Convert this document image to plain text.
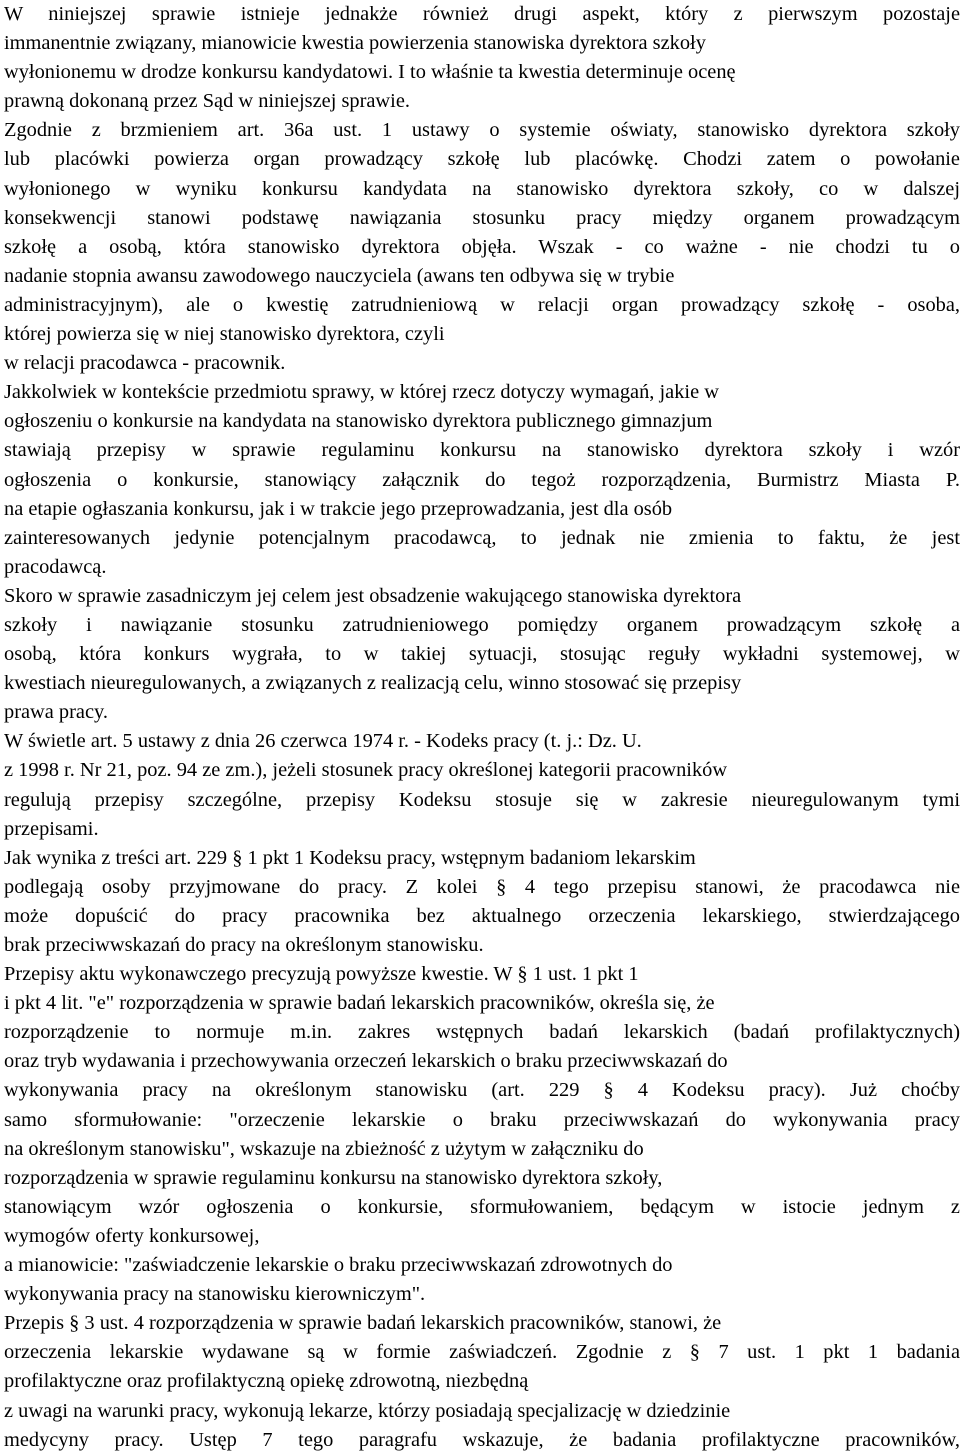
W niniejszej sprawie istnieje jednakże również drugi aspekt, który z pierwszym pozostaje
immanentnie związany, mianowicie kwestia powierzenia stanowiska dyrektora szkoły
wyłonionemu w drodze konkursu kandydatowi. I to właśnie ta kwestia determinuje ocenę
prawną dokonaną przez Sąd w niniejszej sprawie.
Zgodnie z brzmieniem art. 36a ust. 1 ustawy o systemie oświaty, stanowisko dyrektora szkoły
lub placówki powierza organ prowadzący szkołę lub placówkę. Chodzi zatem o powołanie
wyłonionego w wyniku konkursu kandydata na stanowisko dyrektora szkoły, co w dalszej
konsekwencji stanowi podstawę nawiązania stosunku pracy między organem prowadzącym
szkołę a osobą, która stanowisko dyrektora objęła. Wszak - co ważne - nie chodzi tu o
nadanie stopnia awansu zawodowego nauczyciela (awans ten odbywa się w trybie
administracyjnym), ale o kwestię zatrudnieniową w relacji organ prowadzący szkołę - osoba,
której powierza się w niej stanowisko dyrektora, czyli
w relacji pracodawca - pracownik.
Jakkolwiek w kontekście przedmiotu sprawy, w której rzecz dotyczy wymagań, jakie w
ogłoszeniu o konkursie na kandydata na stanowisko dyrektora publicznego gimnazjum
stawiają przepisy w sprawie regulaminu konkursu na stanowisko dyrektora szkoły i wzór
ogłoszenia o konkursie, stanowiący załącznik do tegoż rozporządzenia, Burmistrz Miasta P.
na etapie ogłaszania konkursu, jak i w trakcie jego przeprowadzania, jest dla osób
zainteresowanych jedynie potencjalnym pracodawcą, to jednak nie zmienia to faktu, że jest
pracodawcą.
Skoro w sprawie zasadniczym jej celem jest obsadzenie wakującego stanowiska dyrektora
szkoły i nawiązanie stosunku zatrudnieniowego pomiędzy organem prowadzącym szkołę a
osobą, która konkurs wygrała, to w takiej sytuacji, stosując reguły wykładni systemowej, w
kwestiach nieuregulowanych, a związanych z realizacją celu, winno stosować się przepisy
prawa pracy.
W świetle art. 5 ustawy z dnia 26 czerwca 1974 r. - Kodeks pracy (t. j.: Dz. U.
z 1998 r. Nr 21, poz. 94 ze zm.), jeżeli stosunek pracy określonej kategorii pracowników
regulują przepisy szczególne, przepisy Kodeksu stosuje się w zakresie nieuregulowanym tymi
przepisami.
Jak wynika z treści art. 229 § 1 pkt 1 Kodeksu pracy, wstępnym badaniom lekarskim
podlegają osoby przyjmowane do pracy. Z kolei § 4 tego przepisu stanowi, że pracodawca nie
może dopuścić do pracy pracownika bez aktualnego orzeczenia lekarskiego, stwierdzającego
brak przeciwwskazań do pracy na określonym stanowisku.
Przepisy aktu wykonawczego precyzują powyższe kwestie. W § 1 ust. 1 pkt 1
i pkt 4 lit. "e" rozporządzenia w sprawie badań lekarskich pracowników, określa się, że
rozporządzenie to normuje m.in. zakres wstępnych badań lekarskich (badań profilaktycznych)
oraz tryb wydawania i przechowywania orzeczeń lekarskich o braku przeciwwskazań do
wykonywania pracy na określonym stanowisku (art. 229 § 4 Kodeksu pracy). Już choćby
samo sformułowanie: "orzeczenie lekarskie o braku przeciwwskazań do wykonywania pracy
na określonym stanowisku", wskazuje na zbieżność z użytym w załączniku do
rozporządzenia w sprawie regulaminu konkursu na stanowisko dyrektora szkoły,
stanowiącym wzór ogłoszenia o konkursie, sformułowaniem, będącym w istocie jednym z
wymogów oferty konkursowej,
a mianowicie: "zaświadczenie lekarskie o braku przeciwwskazań zdrowotnych do
wykonywania pracy na stanowisku kierowniczym".
Przepis § 3 ust. 4 rozporządzenia w sprawie badań lekarskich pracowników, stanowi, że
orzeczenia lekarskie wydawane są w formie zaświadczeń. Zgodnie z § 7 ust. 1 pkt 1 badania
profilaktyczne oraz profilaktyczną opiekę zdrowotną, niezbędną
z uwagi na warunki pracy, wykonują lekarze, którzy posiadają specjalizację w dziedzinie
medycyny pracy. Ustęp 7 tego paragrafu wskazuje, że badania profilaktyczne pracowników,
